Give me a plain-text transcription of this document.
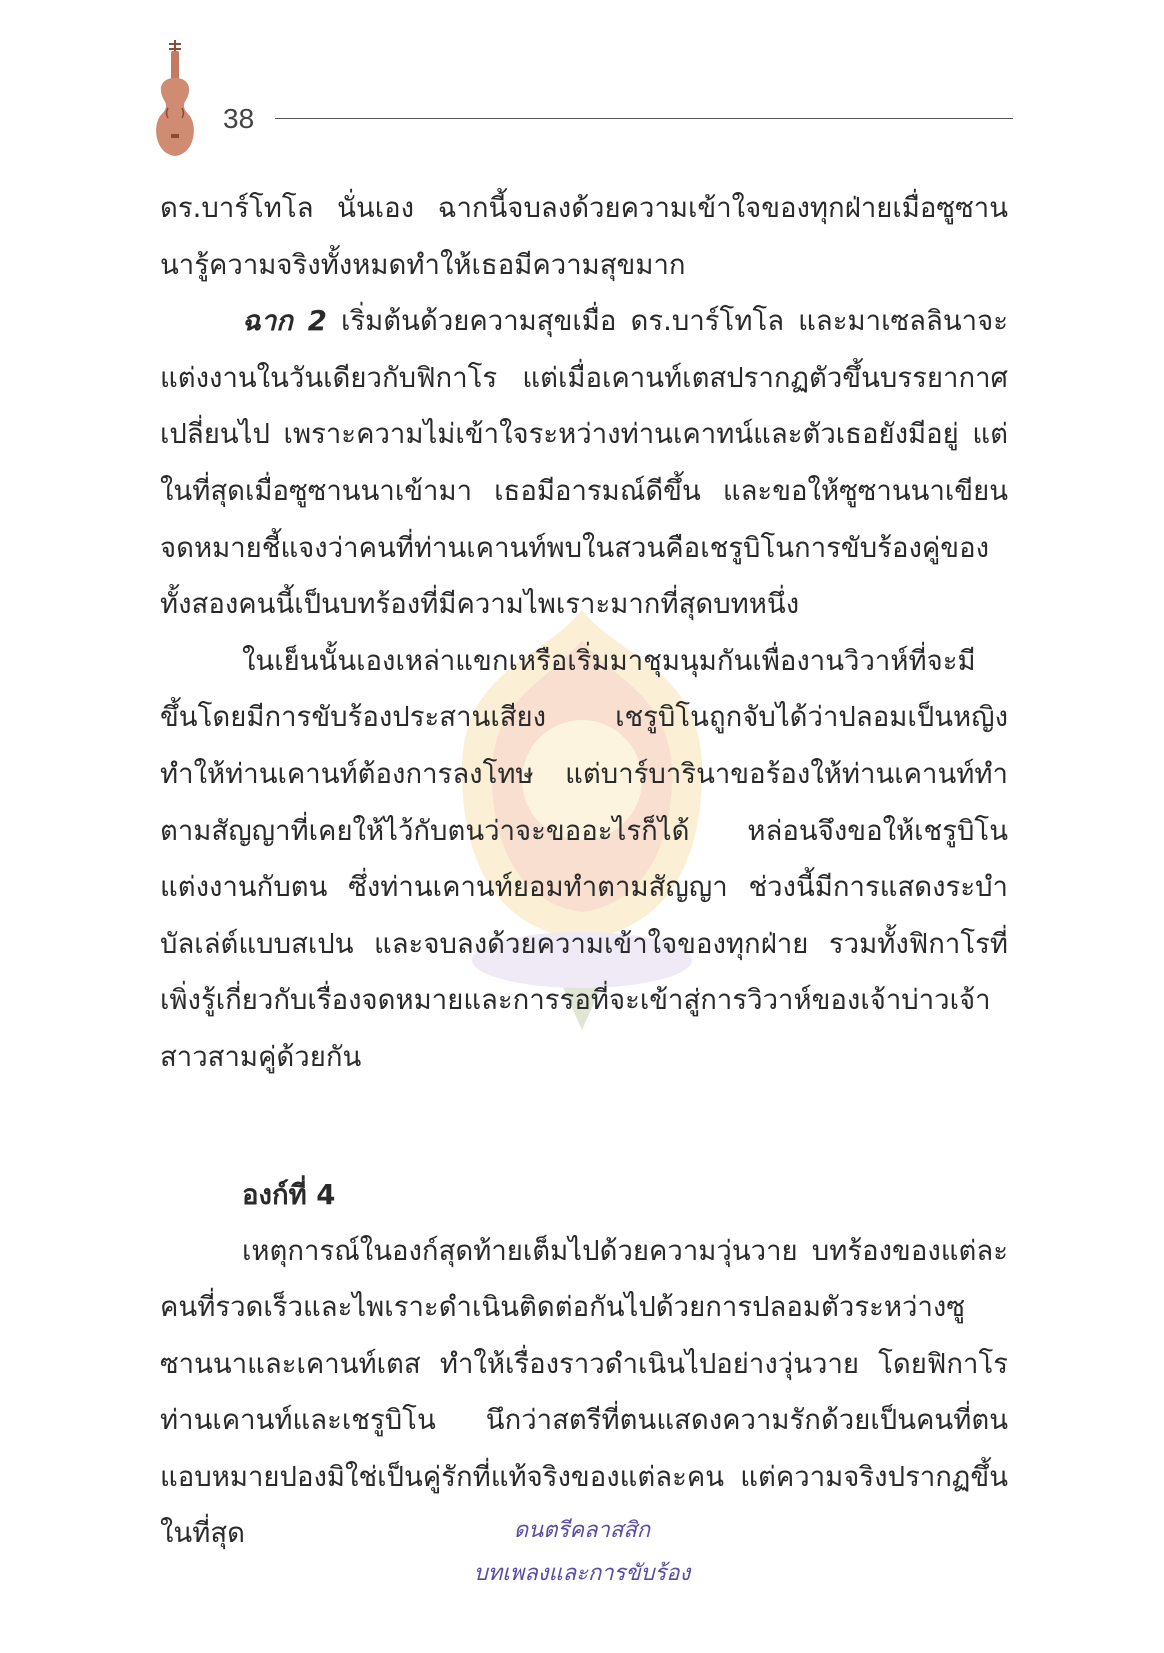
38

ดร.บาร์โทโล นั่นเอง ฉากนี้จบลงด้วยความเข้าใจของทุกฝ่ายเมื่อซูซานนารู้ความจริงทั้งหมดทำให้เธอมีความสุขมาก

ฉาก 2 เริ่มต้นด้วยความสุขเมื่อ ดร.บาร์โทโล และมาเซลลินาจะแต่งงานในวันเดียวกับฟิกาโร แต่เมื่อเคานท์เตสปรากฏตัวขึ้นบรรยากาศเปลี่ยนไป เพราะความไม่เข้าใจระหว่างท่านเคาทน์และตัวเธอยังมีอยู่ แต่ในที่สุดเมื่อซูซานนาเข้ามา เธอมีอารมณ์ดีขึ้น และขอให้ซูซานนาเขียนจดหมายชี้แจงว่าคนที่ท่านเคานท์พบในสวนคือเชรูบิโนการขับร้องคู่ของทั้งสองคนนี้เป็นบทร้องที่มีความไพเราะมากที่สุดบทหนึ่ง

ในเย็นนั้นเองเหล่าแขกเหรือเริ่มมาชุมนุมกันเพื่องานวิวาห์ที่จะมีขึ้นโดยมีการขับร้องประสานเสียง เชรูบิโนถูกจับได้ว่าปลอมเป็นหญิง ทำให้ท่านเคานท์ต้องการลงโทษ แต่บาร์บารินาขอร้องให้ท่านเคานท์ทำตามสัญญาที่เคยให้ไว้กับตนว่าจะขออะไรก็ได้ หล่อนจึงขอให้เชรูบิโนแต่งงานกับตน ซึ่งท่านเคานท์ยอมทำตามสัญญา ช่วงนี้มีการแสดงระบำบัลเล่ต์แบบสเปน และจบลงด้วยความเข้าใจของทุกฝ่าย รวมทั้งฟิกาโรที่เพิ่งรู้เกี่ยวกับเรื่องจดหมายและการรอที่จะเข้าสู่การวิวาห์ของเจ้าบ่าวเจ้าสาวสามคู่ด้วยกัน

องก์ที่ 4

เหตุการณ์ในองก์สุดท้ายเต็มไปด้วยความวุ่นวาย บทร้องของแต่ละคนที่รวดเร็วและไพเราะดำเนินติดต่อกันไปด้วยการปลอมตัวระหว่างซูซานนาและเคานท์เตส ทำให้เรื่องราวดำเนินไปอย่างวุ่นวาย โดยฟิกาโร ท่านเคานท์และเชรูบิโน นึกว่าสตรีที่ตนแสดงความรักด้วยเป็นคนที่ตนแอบหมายปองมิใช่เป็นคู่รักที่แท้จริงของแต่ละคน แต่ความจริงปรากฏขึ้นในที่สุด	ดนตรีคลาสสิก
บทเพลงและการขับร้อง
